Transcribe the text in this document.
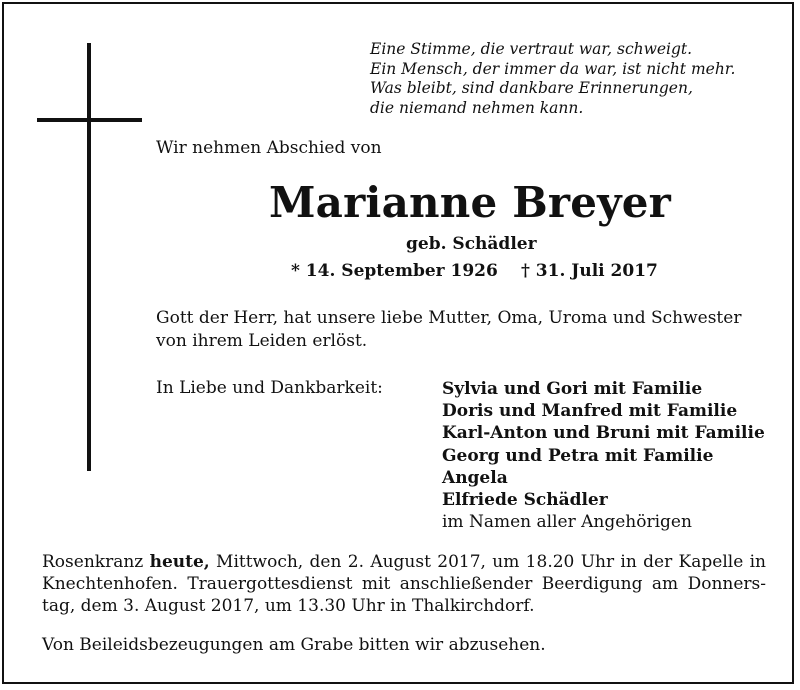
Eine Stimme, die vertraut war, schweigt.
Ein Mensch, der immer da war, ist nicht mehr.
Was bleibt, sind dankbare Erinnerungen,
die niemand nehmen kann.
Wir nehmen Abschied von
Marianne Breyer
geb. Schädler
* 14. September 1926 † 31. Juli 2017
Gott der Herr, hat unsere liebe Mutter, Oma, Uroma und Schwester
von ihrem Leiden erlöst.
In Liebe und Dankbarkeit:	Sylvia und Gori mit Familie
Doris und Manfred mit Familie
Karl-Anton und Bruni mit Familie
Georg und Petra mit Familie
Angela
Elfriede Schädler
im Namen aller Angehörigen
Rosenkranz heute, Mittwoch, den 2. August 2017, um 18.20 Uhr in der Kapelle in
Knechtenhofen. Trauergottesdienst mit anschließender Beerdigung am Donners-
tag, dem 3. August 2017, um 13.30 Uhr in Thalkirchdorf.
Von Beileidsbezeugungen am Grabe bitten wir abzusehen.
